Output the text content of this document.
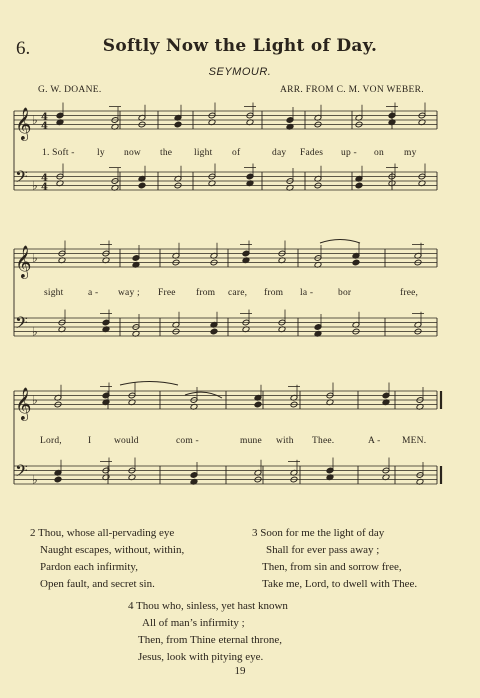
6.	Softly Now the Light of Day.
SEYMOUR.
G. W. DOANE.	ARR. FROM C. M. VON WEBER.
𝄞 ♭ 4
4
𝄢 ♭ 4
4
𝄞 ♭
𝄢 ♭
𝄞 ♭
𝄢 ♭
1. Soft - ly now the light of	day Fades up - on my
sight	a - way ; Free from care, from la -	bor	free,
Lord,	I would	com -	mune with Thee.	A - MEN.
2 Thou, whose all-pervading eye
Naught escapes, without, within,
Pardon each infirmity,
Open fault, and secret sin.
3 Soon for me the light of day
Shall for ever pass away ;
Then, from sin and sorrow free,
Take me, Lord, to dwell with Thee.
4 Thou who, sinless, yet hast known
All of man’s infirmity ;
Then, from Thine eternal throne,
Jesus, look with pitying eye.
19
